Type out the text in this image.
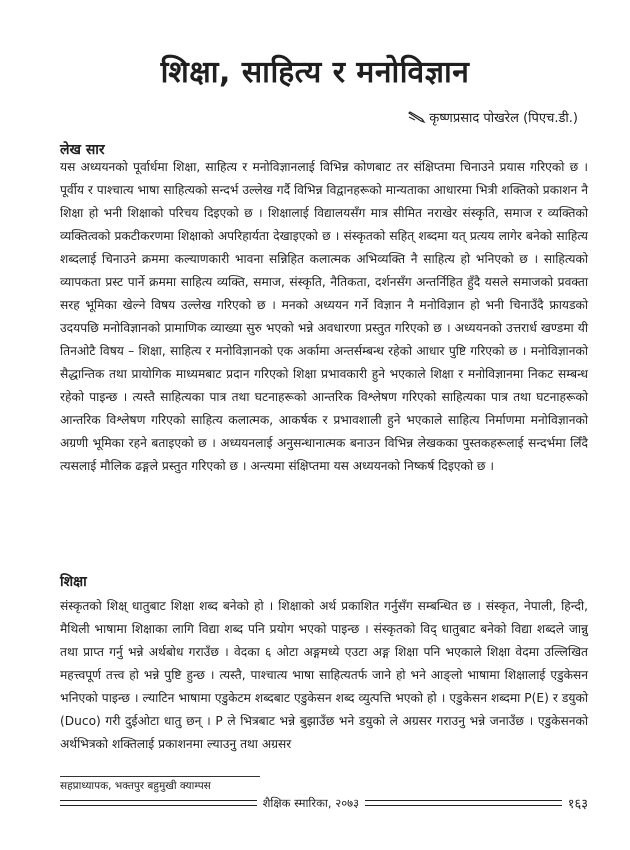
शिक्षा, साहित्य र मनोविज्ञान
कृष्णप्रसाद पोखरेल (पिएच.डी.)
लेख सार
यस अध्ययनको पूर्वार्धमा शिक्षा, साहित्य र मनोविज्ञानलाई विभिन्न कोणबाट तर संक्षिप्तमा चिनाउने प्रयास गरिएको छ । पूर्वीय र पाश्चात्य भाषा साहित्यको सन्दर्भ उल्लेख गर्दै विभिन्न विद्वानहरूको मान्यताका आधारमा भित्री शक्तिको प्रकाशन नै शिक्षा हो भनी शिक्षाको परिचय दिइएको छ । शिक्षालाई विद्यालयसँग मात्र सीमित नराखेर संस्कृति, समाज र व्यक्तिको व्यक्तित्वको प्रकटीकरणमा शिक्षाको अपरिहार्यता देखाइएको छ । संस्कृतको सहित् शब्दमा यत् प्रत्यय लागेर बनेको साहित्य शब्दलाई चिनाउने क्रममा कल्याणकारी भावना सन्निहित कलात्मक अभिव्यक्ति नै साहित्य हो भनिएको छ । साहित्यको व्यापकता प्रस्ट पार्ने क्रममा साहित्य व्यक्ति, समाज, संस्कृति, नैतिकता, दर्शनसँग अन्तर्निहित हुँदै यसले समाजको प्रवक्ता सरह भूमिका खेल्ने विषय उल्लेख गरिएको छ । मनको अध्ययन गर्ने विज्ञान नै मनोविज्ञान हो भनी चिनाउँदै फ्रायडको उदयपछि मनोविज्ञानको प्रामाणिक व्याख्या सुरु भएको भन्ने अवधारणा प्रस्तुत गरिएको छ । अध्ययनको उत्तरार्ध खण्डमा यी तिनओटै विषय – शिक्षा, साहित्य र मनोविज्ञानको एक अर्कामा अन्तर्सम्बन्ध रहेको आधार पुष्टि गरिएको छ । मनोविज्ञानको सैद्धान्तिक तथा प्रायोगिक माध्यमबाट प्रदान गरिएको शिक्षा प्रभावकारी हुने भएकाले शिक्षा र मनोविज्ञानमा निकट सम्बन्ध रहेको पाइन्छ । त्यस्तै साहित्यका पात्र तथा घटनाहरूको आन्तरिक विश्लेषण गरिएको साहित्यका पात्र तथा घटनाहरूको आन्तरिक विश्लेषण गरिएको साहित्य कलात्मक, आकर्षक र प्रभावशाली हुने भएकाले साहित्य निर्माणमा मनोविज्ञानको अग्रणी भूमिका रहने बताइएको छ । अध्ययनलाई अनुसन्धानात्मक बनाउन विभिन्न लेखकका पुस्तकहरूलाई सन्दर्भमा लिँदै त्यसलाई मौलिक ढङ्गले प्रस्तुत गरिएको छ । अन्त्यमा संक्षिप्तमा यस अध्ययनको निष्कर्ष दिइएको छ ।
शिक्षा
संस्कृतको शिक्ष् धातुबाट शिक्षा शब्द बनेको हो । शिक्षाको अर्थ प्रकाशित गर्नुसँग सम्बन्धित छ । संस्कृत, नेपाली, हिन्दी, मैथिली भाषामा शिक्षाका लागि विद्या शब्द पनि प्रयोग भएको पाइन्छ । संस्कृतको विद् धातुबाट बनेको विद्या शब्दले जान्नु तथा प्राप्त गर्नु भन्ने अर्थबोध गराउँछ । वेदका ६ ओटा अङ्गमध्ये एउटा अङ्ग शिक्षा पनि भएकाले शिक्षा वेदमा उल्लिखित महत्त्वपूर्ण तत्त्व हो भन्ने पुष्टि हुन्छ । त्यस्तै, पाश्चात्य भाषा साहित्यतर्फ जाने हो भने आङ्लो भाषामा शिक्षालाई एडुकेसन भनिएको पाइन्छ । ल्याटिन भाषामा एडुकेटम शब्दबाट एडुकेसन शब्द व्युत्पत्ति भएको हो । एडुकेसन शब्दमा P(E) र डयुको (Duco) गरी दुईओटा धातु छन् । P ले भित्रबाट भन्ने बुझाउँछ भने डयुको ले अग्रसर गराउनु भन्ने जनाउँछ । एडुकेसनको अर्थभित्रको शक्तिलाई प्रकाशनमा ल्याउनु तथा अग्रसर
सहप्राध्यापक, भक्तपुर बहुमुखी क्याम्पस
शैक्षिक स्मारिका, २०७३	१६३
